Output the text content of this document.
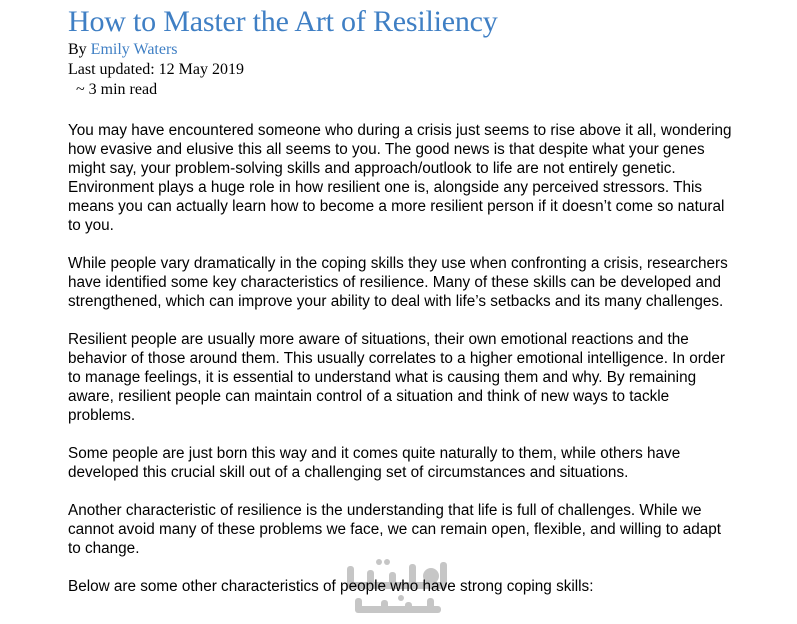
How to Master the Art of Resiliency
By Emily Waters
Last updated: 12 May 2019
~ 3 min read

You may have encountered someone who during a crisis just seems to rise above it all, wondering how evasive and elusive this all seems to you. The good news is that despite what your genes might say, your problem-solving skills and approach/outlook to life are not entirely genetic. Environment plays a huge role in how resilient one is, alongside any perceived stressors. This means you can actually learn how to become a more resilient person if it doesn’t come so natural to you.

While people vary dramatically in the coping skills they use when confronting a crisis, researchers have identified some key characteristics of resilience. Many of these skills can be developed and strengthened, which can improve your ability to deal with life’s setbacks and its many challenges.

Resilient people are usually more aware of situations, their own emotional reactions and the behavior of those around them. This usually correlates to a higher emotional intelligence. In order to manage feelings, it is essential to understand what is causing them and why. By remaining aware, resilient people can maintain control of a situation and think of new ways to tackle problems.

Some people are just born this way and it comes quite naturally to them, while others have developed this crucial skill out of a challenging set of circumstances and situations.

Another characteristic of resilience is the understanding that life is full of challenges. While we cannot avoid many of these problems we face, we can remain open, flexible, and willing to adapt to change.

Below are some other characteristics of people who have strong coping skills:
